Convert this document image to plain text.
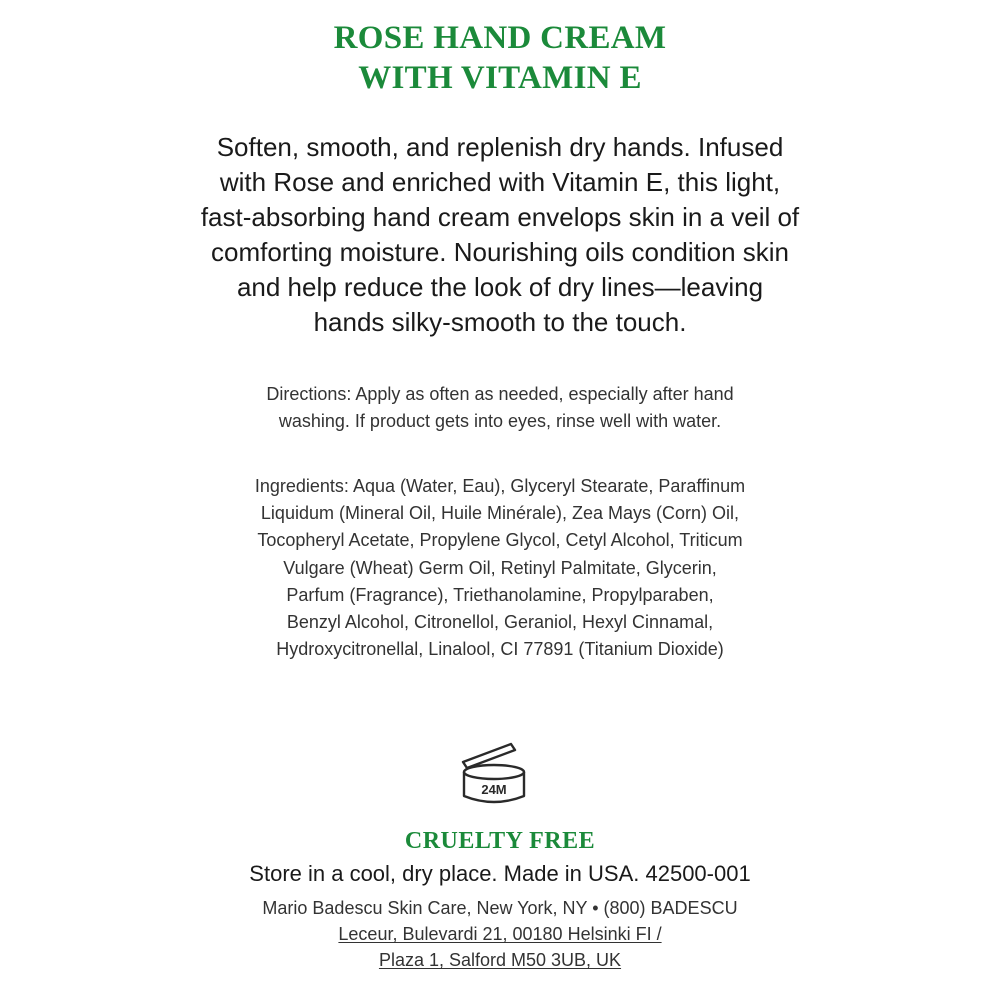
ROSE HAND CREAM
WITH VITAMIN E
Soften, smooth, and replenish dry hands. Infused
with Rose and enriched with Vitamin E, this light,
fast-absorbing hand cream envelops skin in a veil of
comforting moisture. Nourishing oils condition skin
and help reduce the look of dry lines—leaving
hands silky-smooth to the touch.
Directions: Apply as often as needed, especially after hand
washing. If product gets into eyes, rinse well with water.
Ingredients: Aqua (Water, Eau), Glyceryl Stearate, Paraffinum
Liquidum (Mineral Oil, Huile Minérale), Zea Mays (Corn) Oil,
Tocopheryl Acetate, Propylene Glycol, Cetyl Alcohol, Triticum
Vulgare (Wheat) Germ Oil, Retinyl Palmitate, Glycerin,
Parfum (Fragrance), Triethanolamine, Propylparaben,
Benzyl Alcohol, Citronellol, Geraniol, Hexyl Cinnamal,
Hydroxycitronellal, Linalool, CI 77891 (Titanium Dioxide)
24M
CRUELTY FREE
Store in a cool, dry place. Made in USA. 42500-001
Mario Badescu Skin Care, New York, NY • (800) BADESCU
Leceur, Bulevardi 21, 00180 Helsinki FI /
Plaza 1, Salford M50 3UB, UK
